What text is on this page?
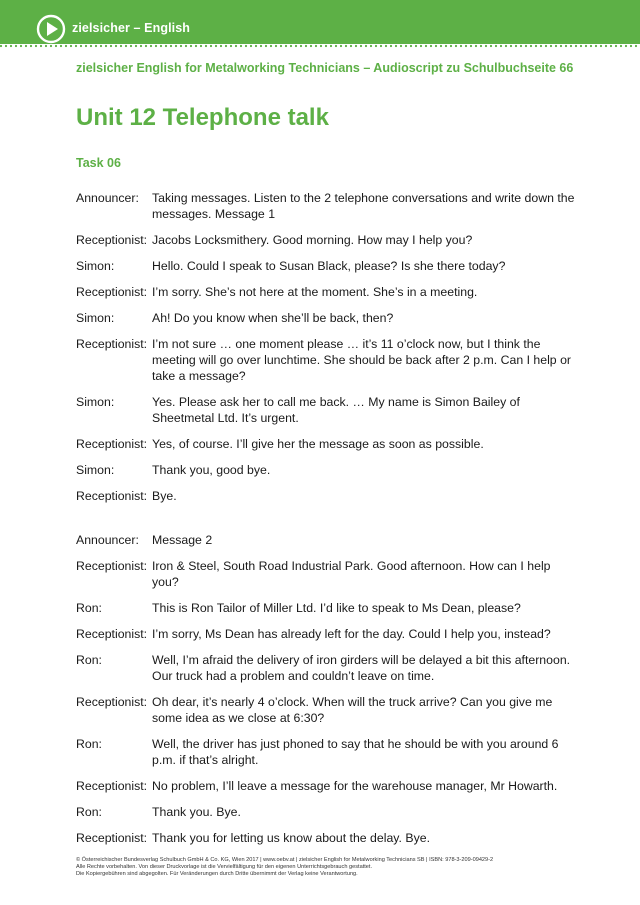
zielsicher – English
zielsicher English for Metalworking Technicians – Audioscript zu Schulbuchseite 66
Unit 12 Telephone talk
Task 06
Announcer:	Taking messages. Listen to the 2 telephone conversations and write down the messages. Message 1
Receptionist: Jacobs Locksmithery. Good morning. How may I help you?
Simon:	Hello. Could I speak to Susan Black, please? Is she there today?
Receptionist: I’m sorry. She’s not here at the moment. She’s in a meeting.
Simon:	Ah! Do you know when she’ll be back, then?
Receptionist: I’m not sure … one moment please … it’s 11 o’clock now, but I think the meeting will go over lunchtime. She should be back after 2 p.m. Can I help or take a message?
Simon:	Yes. Please ask her to call me back. … My name is Simon Bailey of Sheetmetal Ltd. It’s urgent.
Receptionist: Yes, of course. I’ll give her the message as soon as possible.
Simon:	Thank you, good bye.
Receptionist: Bye.
Announcer:	Message 2
Receptionist: Iron & Steel, South Road Industrial Park. Good afternoon. How can I help you?
Ron:	This is Ron Tailor of Miller Ltd. I’d like to speak to Ms Dean, please?
Receptionist: I’m sorry, Ms Dean has already left for the day. Could I help you, instead?
Ron:	Well, I’m afraid the delivery of iron girders will be delayed a bit this afternoon. Our truck had a problem and couldn’t leave on time.
Receptionist: Oh dear, it’s nearly 4 o’clock. When will the truck arrive? Can you give me some idea as we close at 6:30?
Ron:	Well, the driver has just phoned to say that he should be with you around 6 p.m. if that’s alright.
Receptionist: No problem, I’ll leave a message for the warehouse manager, Mr Howarth.
Ron:	Thank you. Bye.
Receptionist: Thank you for letting us know about the delay. Bye.
© Österreichischer Bundesverlag Schulbuch GmbH & Co. KG, Wien 2017 | www.oebv.at | zielsicher English for Metalworking Technicians SB | ISBN: 978-3-209-09429-2
Alle Rechte vorbehalten. Von dieser Druckvorlage ist die Vervielfältigung für den eigenen Unterrichtsgebrauch gestattet.
Die Kopiergebühren sind abgegolten. Für Veränderungen durch Dritte übernimmt der Verlag keine Verantwortung.
